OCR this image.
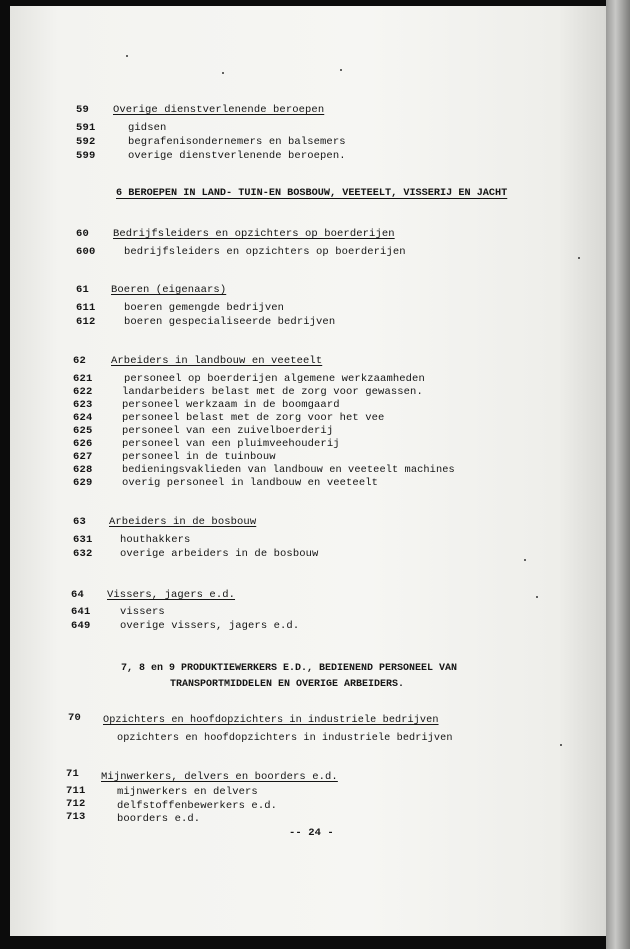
59 Overige dienstverlenende beroepen
591	gidsen
592	begrafenisondernemers en balsemers
599	overige dienstverlenende beroepen.
6 BEROEPEN IN LAND- TUIN-EN BOSBOUW, VEETEELT, VISSERIJ EN JACHT
60 Bedrijfsleiders en opzichters op boerderijen
600	bedrijfsleiders en opzichters op boerderijen
61 Boeren (eigenaars)
611	boeren gemengde bedrijven
612	boeren gespecialiseerde bedrijven
62 Arbeiders in landbouw en veeteelt
621	personeel op boerderijen algemene werkzaamheden
622	landarbeiders belast met de zorg voor gewassen.
623	personeel werkzaam in de boomgaard
624	personeel belast met de zorg voor het vee
625	personeel van een zuivelboerderij
626	personeel van een pluimveehouderij
627	personeel in de tuinbouw
628	bedieningsvaklieden van landbouw en veeteelt machines
629	overig personeel in landbouw en veeteelt
63 Arbeiders in de bosbouw
631	houthakkers
632	overige arbeiders in de bosbouw
64 Vissers, jagers e.d.
641	vissers
649	overige vissers, jagers e.d.
7, 8 en 9 PRODUKTIEWERKERS E.D., BEDIENEND PERSONEEL VAN
TRANSPORTMIDDELEN EN OVERIGE ARBEIDERS.
70 Opzichters en hoofdopzichters in industriele bedrijven
opzichters en hoofdopzichters in industriele bedrijven
71 Mijnwerkers, delvers en boorders e.d.
711	mijnwerkers en delvers
712	delfstoffenbewerkers e.d.
713	boorders e.d.
-- 24 -
